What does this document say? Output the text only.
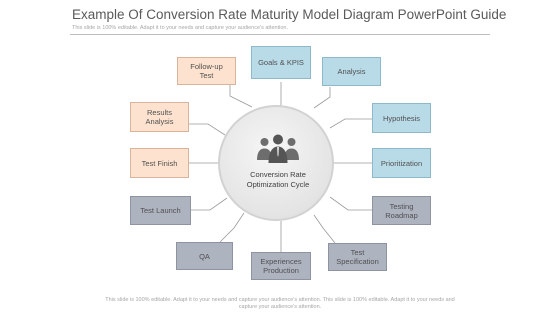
Example Of Conversion Rate Maturity Model Diagram PowerPoint Guide
This slide is 100% editable. Adapt it to your needs and capture your audience's attention.
Conversion Rate
Optimization Cycle
Follow-up
Test
Goals & KPIS
Analysis
Results
Analysis	Hypothesis
Test Finish	Prioritization
Test Launch	Testing
Roadmap
QA
Experiences
Production
Test
Specification
This slide is 100% editable. Adapt it to your needs and capture your audience's attention. This slide is 100% editable. Adapt it to your needs and
capture your audience's attention.
